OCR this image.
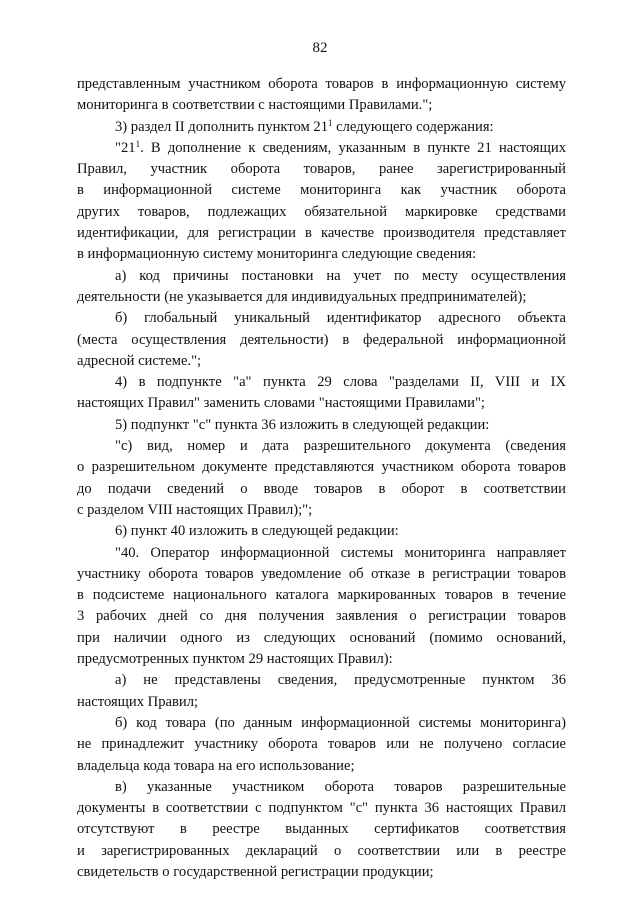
82
представленным участником оборота товаров в информационную систему
мониторинга в соответствии с настоящими Правилами.";
3) раздел II дополнить пунктом $21^1$ следующего содержания:
"$21^1$. В дополнение к сведениям, указанным в пункте 21 настоящих
Правил, участник оборота товаров, ранее зарегистрированный
в информационной системе мониторинга как участник оборота
других товаров, подлежащих обязательной маркировке средствами
идентификации, для регистрации в качестве производителя представляет
в информационную систему мониторинга следующие сведения:
а) код причины постановки на учет по месту осуществления
деятельности (не указывается для индивидуальных предпринимателей);
б) глобальный уникальный идентификатор адресного объекта
(места осуществления деятельности) в федеральной информационной
адресной системе.";
4) в подпункте "а" пункта 29 слова "разделами II, VIII и IX
настоящих Правил" заменить словами "настоящими Правилами";
5) подпункт "с" пункта 36 изложить в следующей редакции:
"с) вид, номер и дата разрешительного документа (сведения
о разрешительном документе представляются участником оборота товаров
до подачи сведений о вводе товаров в оборот в соответствии
с разделом VIII настоящих Правил);";
6) пункт 40 изложить в следующей редакции:
"40. Оператор информационной системы мониторинга направляет
участнику оборота товаров уведомление об отказе в регистрации товаров
в подсистеме национального каталога маркированных товаров в течение
3 рабочих дней со дня получения заявления о регистрации товаров
при наличии одного из следующих оснований (помимо оснований,
предусмотренных пунктом 29 настоящих Правил):
а) не представлены сведения, предусмотренные пунктом 36
настоящих Правил;
б) код товара (по данным информационной системы мониторинга)
не принадлежит участнику оборота товаров или не получено согласие
владельца кода товара на его использование;
в) указанные участником оборота товаров разрешительные
документы в соответствии с подпунктом "с" пункта 36 настоящих Правил
отсутствуют в реестре выданных сертификатов соответствия
и зарегистрированных деклараций о соответствии или в реестре
свидетельств о государственной регистрации продукции;
